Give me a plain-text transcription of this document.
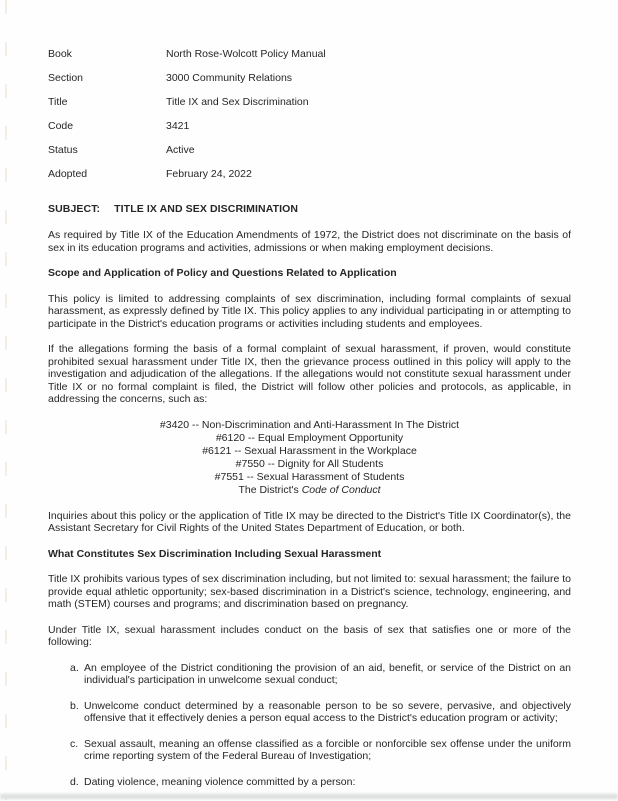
Book	North Rose-Wolcott Policy Manual
Section	3000 Community Relations
Title	Title IX and Sex Discrimination
Code	3421
Status	Active
Adopted	February 24, 2022
SUBJECT: TITLE IX AND SEX DISCRIMINATION

As required by Title IX of the Education Amendments of 1972, the District does not discriminate on the basis of sex in its education programs and activities, admissions or when making employment decisions.

Scope and Application of Policy and Questions Related to Application

This policy is limited to addressing complaints of sex discrimination, including formal complaints of sexual harassment, as expressly defined by Title IX. This policy applies to any individual participating in or attempting to participate in the District's education programs or activities including students and employees.

If the allegations forming the basis of a formal complaint of sexual harassment, if proven, would constitute prohibited sexual harassment under Title IX, then the grievance process outlined in this policy will apply to the investigation and adjudication of the allegations. If the allegations would not constitute sexual harassment under Title IX or no formal complaint is filed, the District will follow other policies and protocols, as applicable, in addressing the concerns, such as:

#3420 -- Non-Discrimination and Anti-Harassment In The District
#6120 -- Equal Employment Opportunity
#6121 -- Sexual Harassment in the Workplace
#7550 -- Dignity for All Students
#7551 -- Sexual Harassment of Students
The District's Code of Conduct

Inquiries about this policy or the application of Title IX may be directed to the District's Title IX Coordinator(s), the Assistant Secretary for Civil Rights of the United States Department of Education, or both.

What Constitutes Sex Discrimination Including Sexual Harassment

Title IX prohibits various types of sex discrimination including, but not limited to: sexual harassment; the failure to provide equal athletic opportunity; sex-based discrimination in a District's science, technology, engineering, and math (STEM) courses and programs; and discrimination based on pregnancy.

Under Title IX, sexual harassment includes conduct on the basis of sex that satisfies one or more of the following:

a. An employee of the District conditioning the provision of an aid, benefit, or service of the District on an individual's participation in unwelcome sexual conduct;
b. Unwelcome conduct determined by a reasonable person to be so severe, pervasive, and objectively offensive that it effectively denies a person equal access to the District's education program or activity;
c. Sexual assault, meaning an offense classified as a forcible or nonforcible sex offense under the uniform crime reporting system of the Federal Bureau of Investigation;
d. Dating violence, meaning violence committed by a person:
